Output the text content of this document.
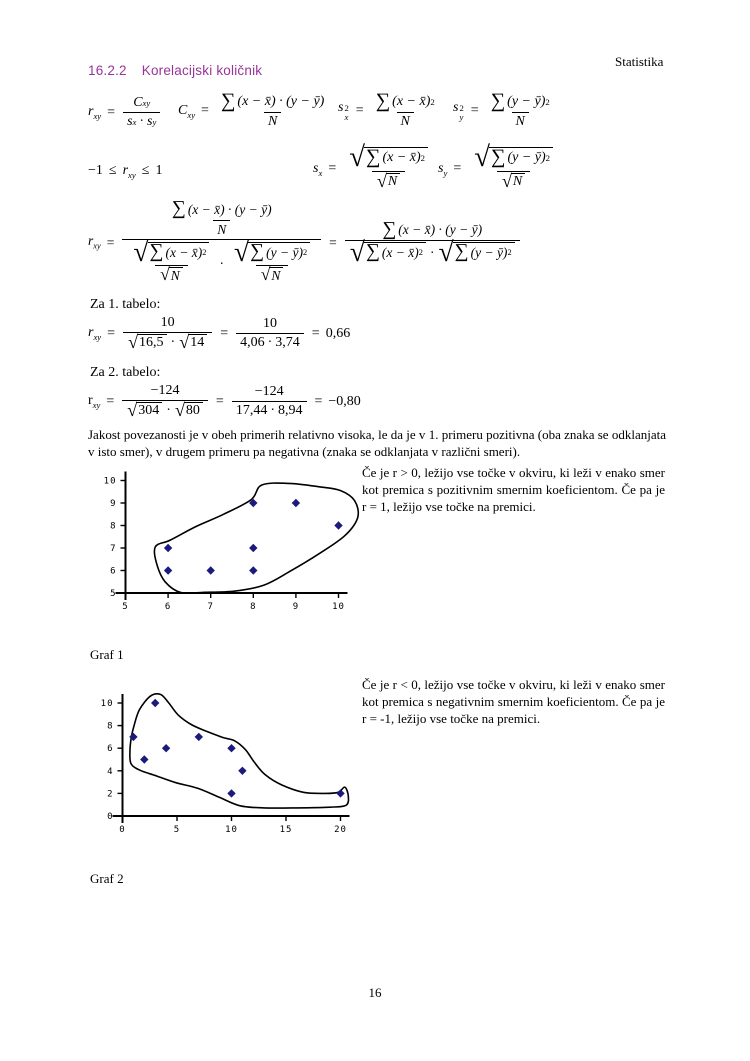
Statistika
16.2.2 Korelacijski količnik
$r_{xy} = \frac{\text{C xy}}{\text{s x · s y}} C_{xy} = \frac{\sum (x - x̄) \cdot (y - ȳ)}{N}$ s 2
$x = \frac{\sum (x - x̄) 2}{N}$ s 2
$y = \frac{\sum (y - ȳ) 2}{N}$
$-1 \le r_{xy} \le 1$	$s_x = \frac{√ \sum (x - x̄) 2}{√ N} s_y = \frac{√ \sum (y - ȳ) 2}{√ N}$
$r_{xy}$ =
$\frac{\sum (x - x̄) \cdot (y - ȳ)}{N}$
$\frac{√ \sum (x - x̄) 2}{√ N} \cdot \frac{√ \sum (y - ȳ) 2}{√ N} = \frac{\sum (x - x̄) \cdot (y - ȳ)}{√ \sum (x - x̄) 2 \cdot √ \sum (y - ȳ) 2}$
Za 1. tabelo:
$r_{xy} = \frac{10}{√ 16,5 \cdot √ 14} = \frac{10}{4,06 \cdot 3,74} = 0,66$
Za 2. tabelo:
$r_{xy} = \frac{-124}{√ 304 \cdot √ 80} = \frac{-124}{17,44 \cdot 8,94} = -0,80$

Jakost povezanosti je v obeh primerih relativno visoka, le da je v 1. primeru pozitivna (oba znaka se odklanjata v isto smer), v drugem primeru pa negativna (znaka se odklanjata v različni smeri).

5	6	7	8	9	10
5
6
7
8
9
10

Če je r > 0, ležijo vse točke v okviru, ki leži v enako smer kot premica s pozitivnim smernim koeficientom. Če pa je r = 1, ležijo vse točke na premici.

Graf 1
0	5	10	15	20
0
2
4
6
8
10

Če je r < 0, ležijo vse točke v okviru, ki leži v enako smer kot premica s negativnim smernim koeficientom. Če pa je r = -1, ležijo vse točke na premici.

Graf 2
16
